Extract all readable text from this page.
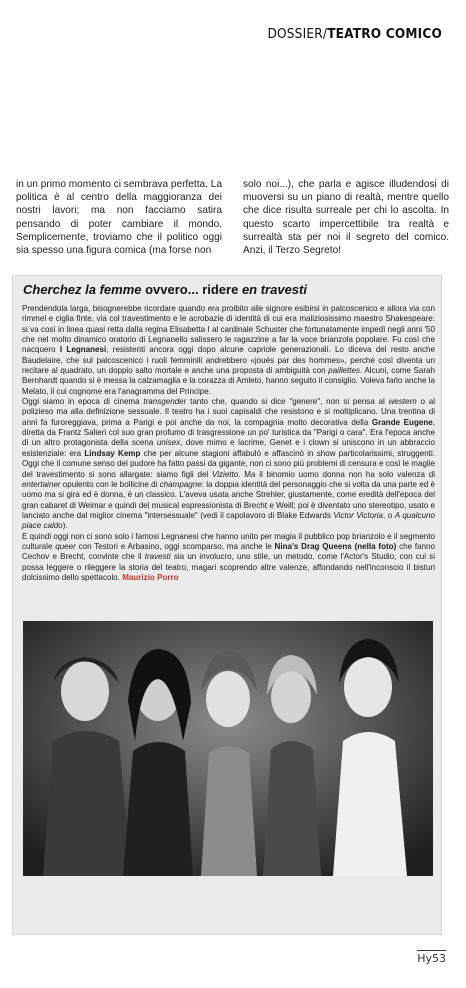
DOSSIER/TEATRO COMICO
in un primo momento ci sembrava perfetta. La politica è al centro della maggioranza dei nostri lavori; ma non facciamo satira pensando di poter cambiare il mondo. Semplicemente, troviamo che il politico oggi sia spesso una figura comica (ma forse non
solo noi...), che parla e agisce illudendosi di muoversi su un piano di realtà, mentre quello che dice risulta surreale per chi lo ascolta. In questo scarto impercettibile tra realtà e surrealtà sta per noi il segreto del comico. Anzi, il Terzo Segreto!
Cherchez la femme ovvero... ridere en travesti

Prendendola larga, bisognerebbe ricordare quando era proibito alle signore esibirsi in palcoscenico e allora via con rimmel e ciglia finte, via col travestimento e le acrobazie di identità di cui era maliziosissimo maestro Shakespeare: si va così in linea quasi retta dalla regina Elisabetta I al cardinale Schuster che fortunatamente impedì negli anni '50 che nel molto dinamico oratorio di Legnanello salissero le ragazzine a far la voce brianzola popolare. Fu così che nacquero I Legnanesi, resistenti ancora oggi dopo alcune capriole generazionali. Lo diceva del resto anche Baudelaire, che sul palcoscenico i ruoli femminili andrebbero «joués par des hommes», perché così diventa un recitare al quadrato, un doppio salto mortale e anche una proposta di ambiguità con paillettes. Alcuni, come Sarah Bernhardt quando si è messa la calzamaglia e la corazza di Amleto, hanno seguito il consiglio. Voleva farlo anche la Melato, il cui cognome era l'anagramma del Principe.

Oggi siamo in epoca di cinema transgender tanto che, quando si dice "genere", non si pensa al western o al polizieso ma alla definizione sessuale. Il teatro ha i suoi capisaldi che resistono e si moltiplicano. Una trentina di anni fa furoreggiava, prima a Parigi e poi anche da noi, la compagnia molto decorativa della Grande Eugene, diretta da Frantz Salieri col suo gran profumo di trasgressione un po' turistica da "Parigi o cara". Era l'epoca anche di un altro protagonista della scena unisex, dove mimo e lacrime, Genet e i clown si uniscono in un abbraccio esistenziale: era Lindsay Kemp che per alcune stagioni affabulò e affascinò in show particolarissimi, struggenti. Oggi che il comune senso del pudore ha fatto passi da gigante, non ci sono più problemi di censura e così le maglie del travestimento si sono allargate: siamo figli del Vizietto. Ma il binomio uomo donna non ha solo valenza di entertainer opulento con le bollicine di champagne: la doppia identità del personaggio che si volta da una parte ed è uomo ma si gira ed è donna, è un classico. L'aveva usata anche Strehler, giustamente, come eredità dell'epoca del gran cabaret di Weimar e quindi del musical espressionista di Brecht e Weill; poi è diventato uno stereotipo, usato e lanciato anche dal miglior cinema "intersessuale" (vedi il capolavoro di Blake Edwards Victor Victoria, o A qualcuno piace caldo).

E quindi oggi non ci sono solo i famosi Legnanesi che hanno unito per magia il pubblico pop brianzolo e il segmento culturale queer con Testori e Arbasino, oggi scomparso, ma anche le Nina's Drag Queens (nella foto) che fanno Cechov e Brecht, convinte che il travesti sia un involucro, uno stile, un metodo, come l'Actor's Studio, con cui si possa leggere o rileggere la storia del teatro, magari scoprendo altre valenze, affondando nell'inconscio il bisturi dolcissimo dello spettacolo. Maurizio Porro

Hy53
